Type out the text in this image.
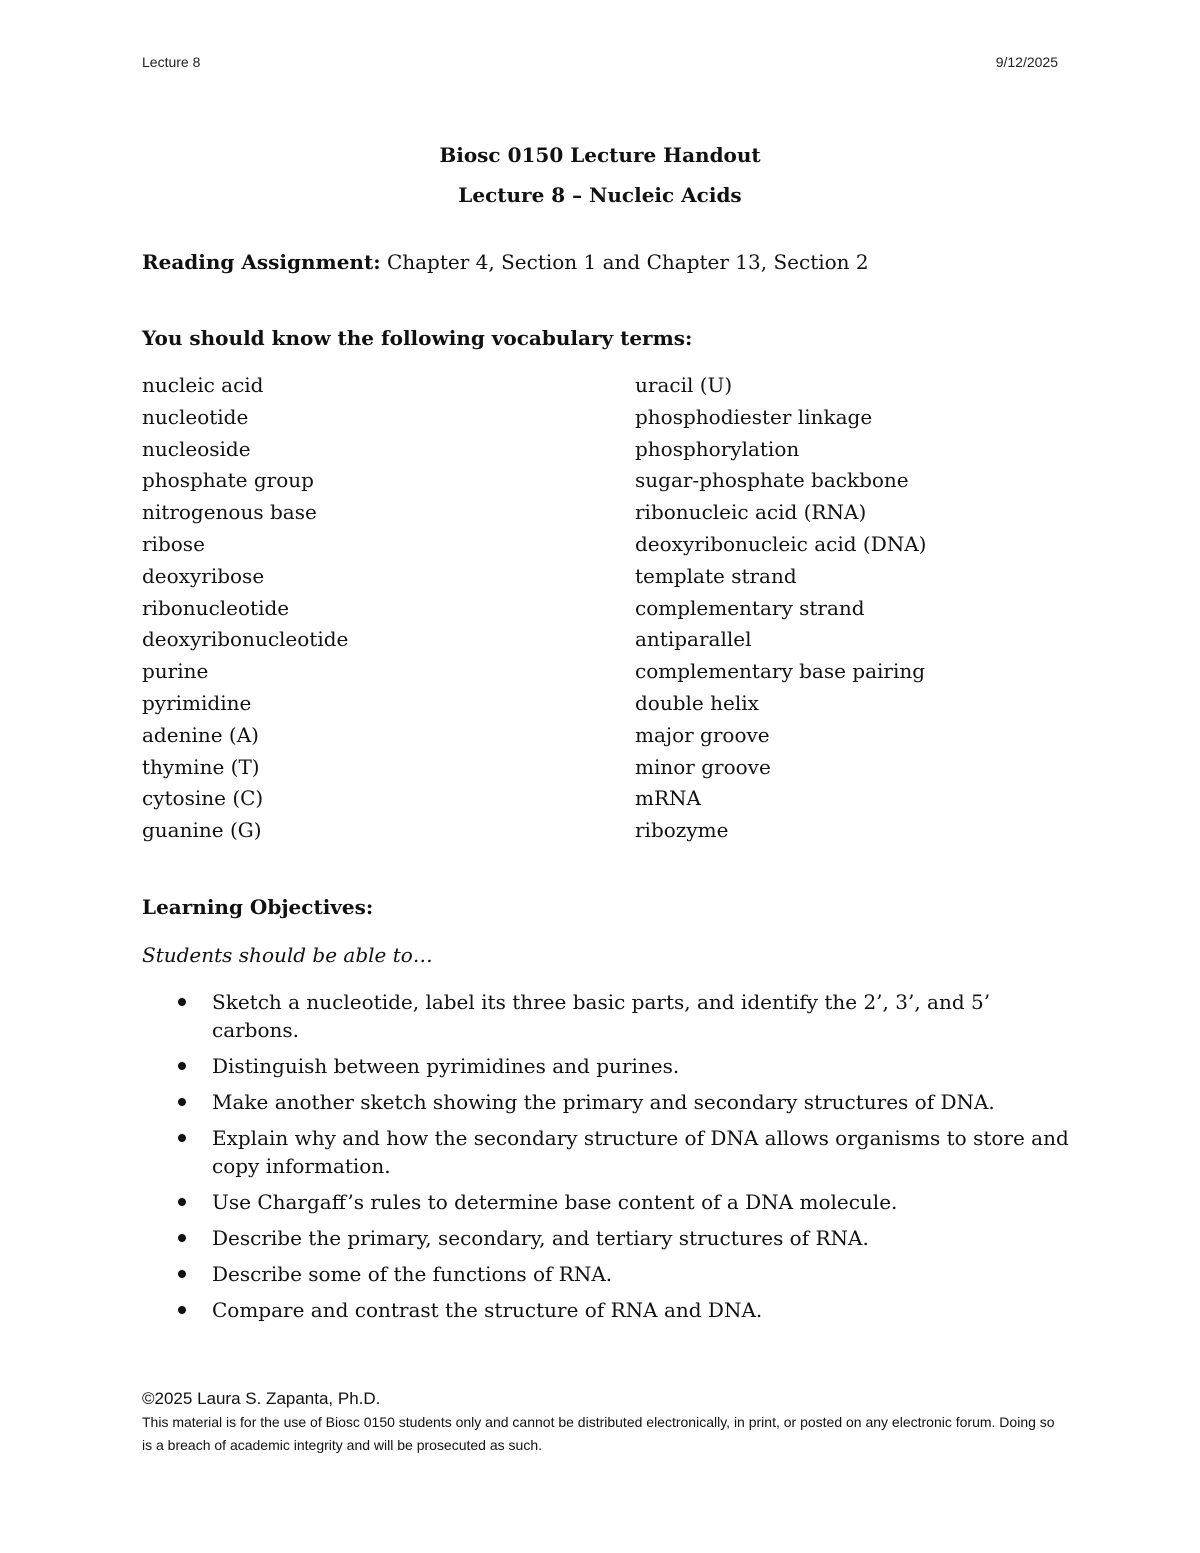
Lecture 8	9/12/2025
Biosc 0150 Lecture Handout
Lecture 8 – Nucleic Acids
Reading Assignment: Chapter 4, Section 1 and Chapter 13, Section 2
You should know the following vocabulary terms:
nucleic acid
nucleotide
nucleoside
phosphate group
nitrogenous base
ribose
deoxyribose
ribonucleotide
deoxyribonucleotide
purine
pyrimidine
adenine (A)
thymine (T)
cytosine (C)
guanine (G)
uracil (U)
phosphodiester linkage
phosphorylation
sugar-phosphate backbone
ribonucleic acid (RNA)
deoxyribonucleic acid (DNA)
template strand
complementary strand
antiparallel
complementary base pairing
double helix
major groove
minor groove
mRNA
ribozyme
Learning Objectives:
Students should be able to…
Sketch a nucleotide, label its three basic parts, and identify the 2’, 3’, and 5’ carbons.
Distinguish between pyrimidines and purines.
Make another sketch showing the primary and secondary structures of DNA.
Explain why and how the secondary structure of DNA allows organisms to store and copy information.
Use Chargaff’s rules to determine base content of a DNA molecule.
Describe the primary, secondary, and tertiary structures of RNA.
Describe some of the functions of RNA.
Compare and contrast the structure of RNA and DNA.
©2025 Laura S. Zapanta, Ph.D.
This material is for the use of Biosc 0150 students only and cannot be distributed electronically, in print, or posted on any electronic forum. Doing so is a breach of academic integrity and will be prosecuted as such.
